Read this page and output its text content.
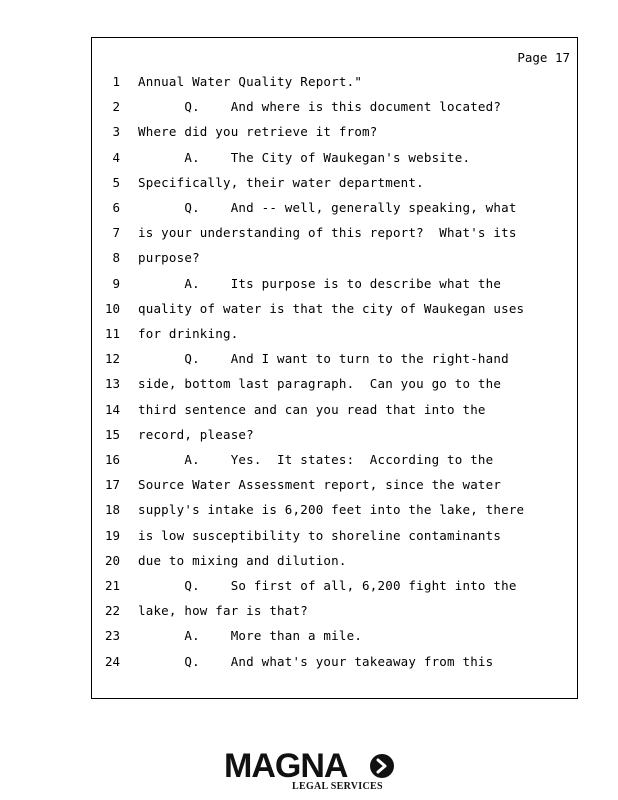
Page 17
1 Annual Water Quality Report."
2 Q.    And where is this document located?
3 Where did you retrieve it from?
4 A.    The City of Waukegan's website.
5 Specifically, their water department.
6 Q.    And -- well, generally speaking, what
7 is your understanding of this report?  What's its
8 purpose?
9 A.    Its purpose is to describe what the
10 quality of water is that the city of Waukegan uses
11 for drinking.
12 Q.    And I want to turn to the right-hand
13 side, bottom last paragraph.  Can you go to the
14 third sentence and can you read that into the
15 record, please?
16 A.    Yes.  It states:  According to the
17 Source Water Assessment report, since the water
18 supply's intake is 6,200 feet into the lake, there
19 is low susceptibility to shoreline contaminants
20 due to mixing and dilution.
21 Q.    So first of all, 6,200 fight into the
22 lake, how far is that?
23 A.    More than a mile.
24 Q.    And what's your takeaway from this
MAGNA
LEGAL SERVICES
